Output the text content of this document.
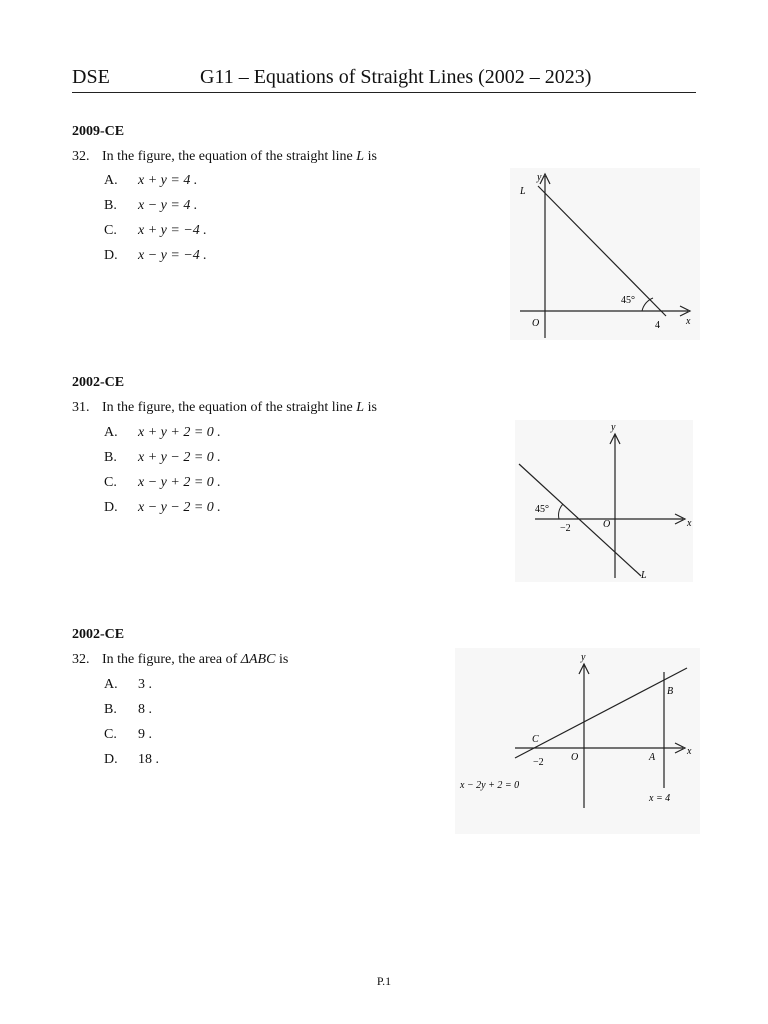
DSE	G11 – Equations of Straight Lines (2002 – 2023)
2009-CE
32. In the figure, the equation of the straight line L is
A. x + y = 4 .
B. x − y = 4 .
C. x + y = −4 .
D. x − y = −4 .
y
x
L
O
45°
4
2002-CE
31. In the figure, the equation of the straight line L is
A. x + y + 2 = 0 .
B. x + y − 2 = 0 .
C. x − y + 2 = 0 .
D. x − y − 2 = 0 .
y
x
L
O
45°
−2
2002-CE
32. In the figure, the area of ΔABC is
A. 3 .
B. 8 .
C. 9 .
D. 18 .
y
x
O	A
B
C
−2
x − 2y + 2 = 0
x = 4
P.1
